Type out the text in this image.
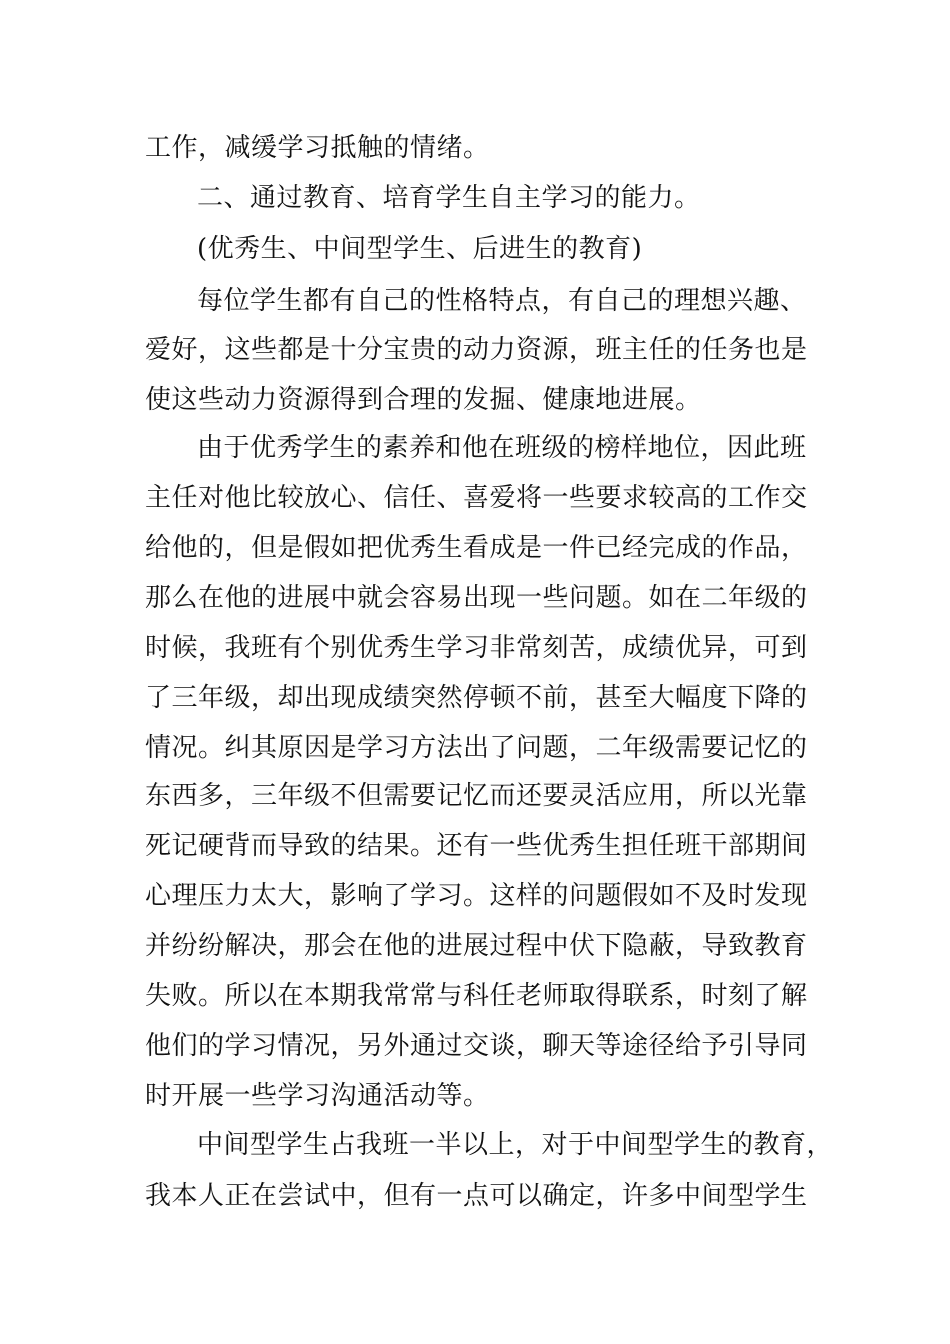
工作，减缓学习抵触的情绪。
二、通过教育、培育学生自主学习的能力。
(优秀生、中间型学生、后进生的教育)
每位学生都有自己的性格特点，有自己的理想兴趣、
爱好，这些都是十分宝贵的动力资源，班主任的任务也是
使这些动力资源得到合理的发掘、健康地进展。
由于优秀学生的素养和他在班级的榜样地位，因此班
主任对他比较放心、信任、喜爱将一些要求较高的工作交
给他的，但是假如把优秀生看成是一件已经完成的作品，
那么在他的进展中就会容易出现一些问题。如在二年级的
时候，我班有个别优秀生学习非常刻苦，成绩优异，可到
了三年级，却出现成绩突然停顿不前，甚至大幅度下降的
情况。纠其原因是学习方法出了问题，二年级需要记忆的
东西多，三年级不但需要记忆而还要灵活应用，所以光靠
死记硬背而导致的结果。还有一些优秀生担任班干部期间
心理压力太大，影响了学习。这样的问题假如不及时发现
并纷纷解决，那会在他的进展过程中伏下隐蔽，导致教育
失败。所以在本期我常常与科任老师取得联系，时刻了解
他们的学习情况，另外通过交谈，聊天等途径给予引导同
时开展一些学习沟通活动等。
中间型学生占我班一半以上，对于中间型学生的教育，
我本人正在尝试中，但有一点可以确定，许多中间型学生
